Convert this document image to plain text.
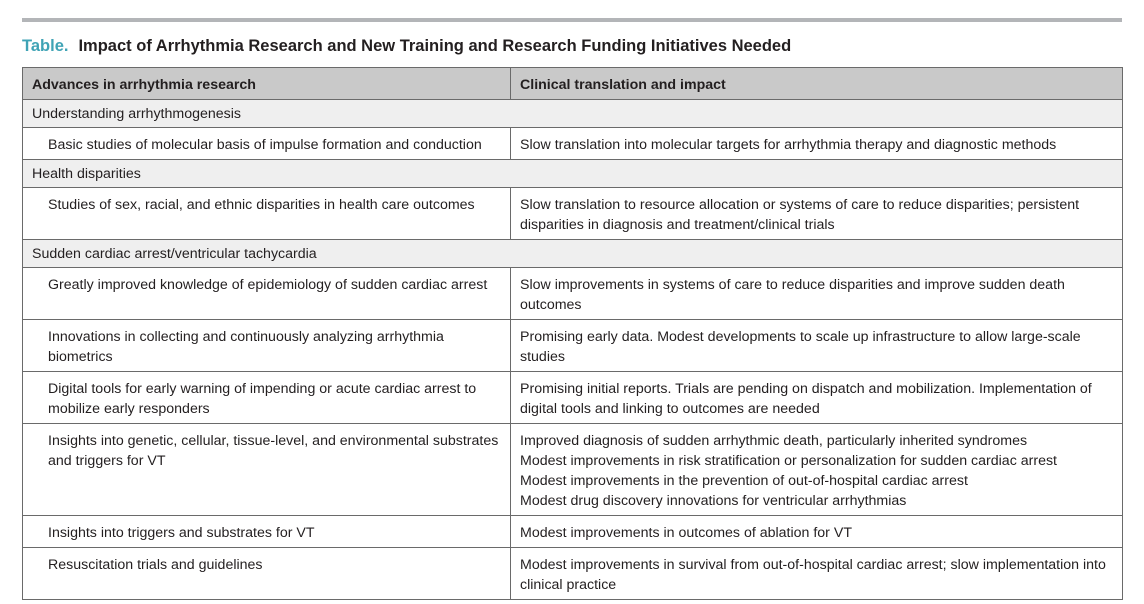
Table. Impact of Arrhythmia Research and New Training and Research Funding Initiatives Needed
Advances in arrhythmia research	Clinical translation and impact
Understanding arrhythmogenesis	
Basic studies of molecular basis of impulse formation and conduction	Slow translation into molecular targets for arrhythmia therapy and diagnostic methods

Health disparities	
Studies of sex, racial, and ethnic disparities in health care outcomes	Slow translation to resource allocation or systems of care to reduce disparities; persistent disparities in diagnosis and treatment/clinical trials

Sudden cardiac arrest/ventricular tachycardia	
Greatly improved knowledge of epidemiology of sudden cardiac arrest	Slow improvements in systems of care to reduce disparities and improve sudden death outcomes

Innovations in collecting and continuously analyzing arrhythmia biometrics	Promising early data. Modest developments to scale up infrastructure to allow large-scale studies

Digital tools for early warning of impending or acute cardiac arrest to mobilize early responders	Promising initial reports. Trials are pending on dispatch and mobilization. Implementation of digital tools and linking to outcomes are needed

Insights into genetic, cellular, tissue-level, and environmental substrates and triggers for VT	Improved diagnosis of sudden arrhythmic death, particularly inherited syndromes
Modest improvements in risk stratification or personalization for sudden cardiac arrest
Modest improvements in the prevention of out-of-hospital cardiac arrest
Modest drug discovery innovations for ventricular arrhythmias

Insights into triggers and substrates for VT	Modest improvements in outcomes of ablation for VT

Resuscitation trials and guidelines	Modest improvements in survival from out-of-hospital cardiac arrest; slow implementation into clinical practice
